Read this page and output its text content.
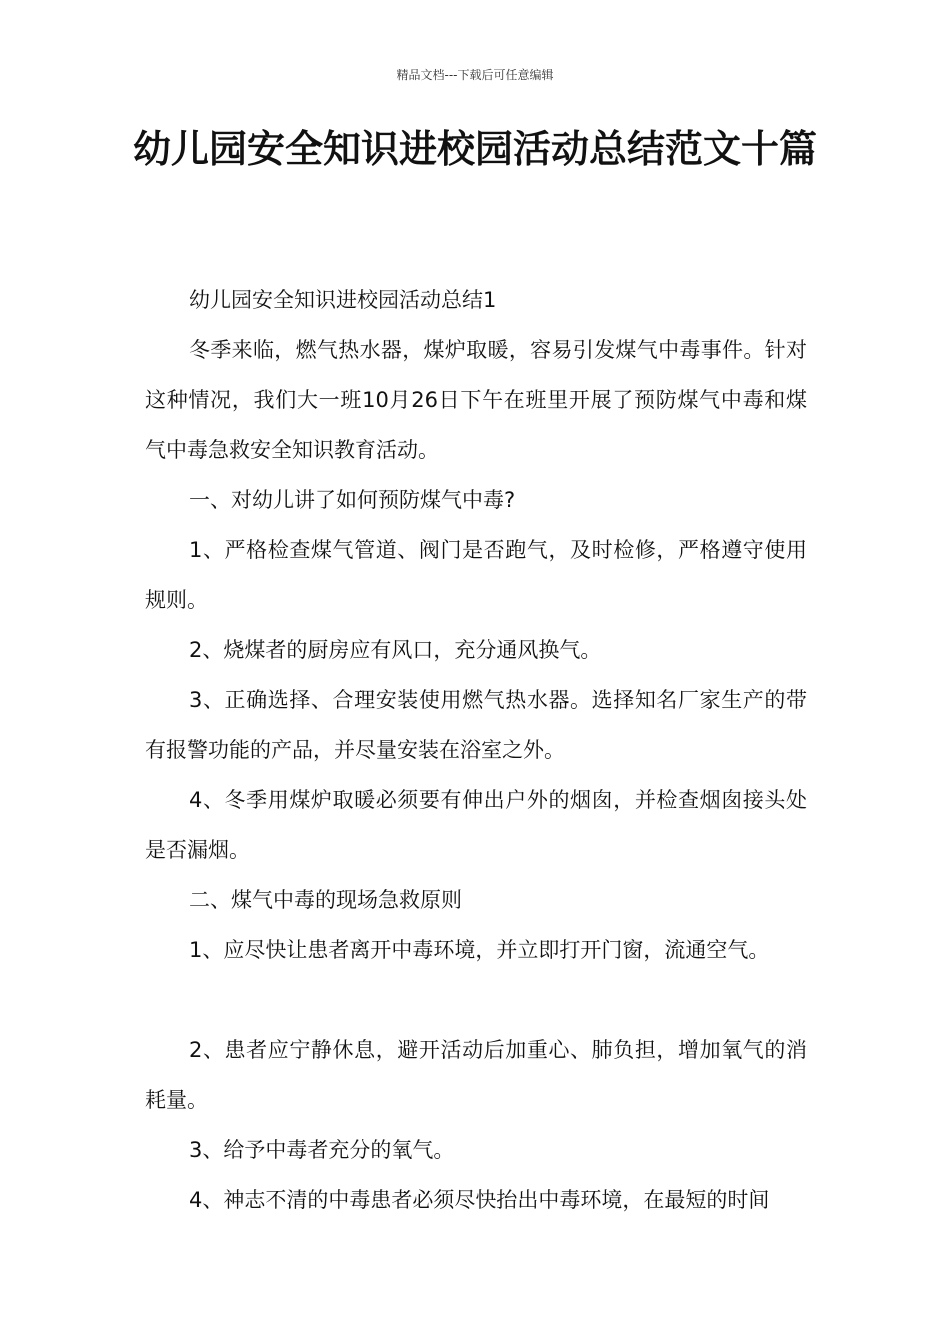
精品文档---下载后可任意编辑
幼儿园安全知识进校园活动总结范文十篇

幼儿园安全知识进校园活动总结1

冬季来临，燃气热水器，煤炉取暖，容易引发煤气中毒事件。针对这种情况，我们大一班10月26日下午在班里开展了预防煤气中毒和煤气中毒急救安全知识教育活动。

一、对幼儿讲了如何预防煤气中毒?

1、严格检查煤气管道、阀门是否跑气，及时检修，严格遵守使用规则。

2、烧煤者的厨房应有风口，充分通风换气。

3、正确选择、合理安装使用燃气热水器。选择知名厂家生产的带有报警功能的产品，并尽量安装在浴室之外。

4、冬季用煤炉取暖必须要有伸出户外的烟囱，并检查烟囱接头处是否漏烟。

二、煤气中毒的现场急救原则

1、应尽快让患者离开中毒环境，并立即打开门窗，流通空气。

2、患者应宁静休息，避开活动后加重心、肺负担，增加氧气的消耗量。

3、给予中毒者充分的氧气。

4、神志不清的中毒患者必须尽快抬出中毒环境，在最短的时间
